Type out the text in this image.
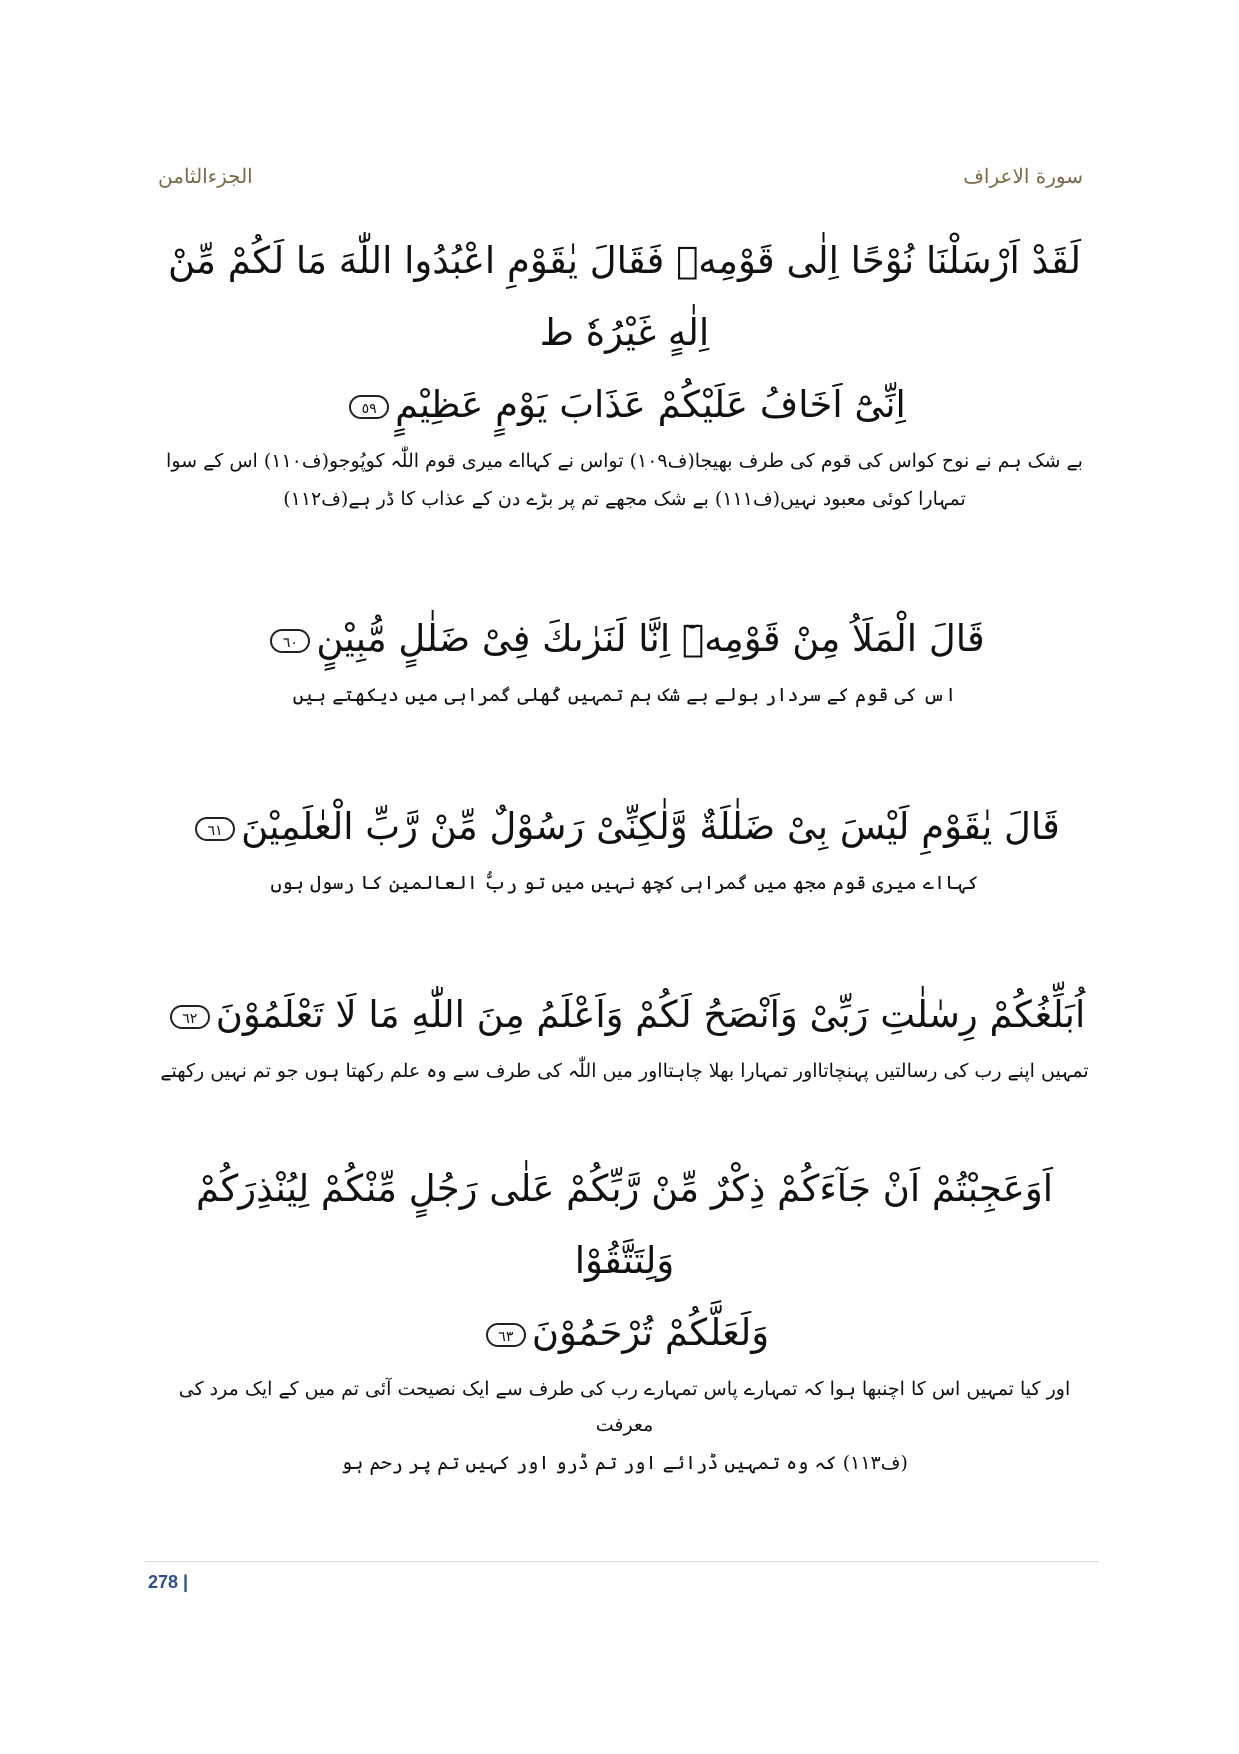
الجزءالثامن	سورة الاعراف
لَقَدْ اَرْسَلْنَا نُوْحًا اِلٰى قَوْمِهٖ فَقَالَ يٰقَوْمِ اعْبُدُوا اللّٰهَ مَا لَكُمْ مِّنْ اِلٰهٍ غَيْرُهٗ ط
اِنِّیْٓ اَخَافُ عَلَيْكُمْ عَذَابَ يَوْمٍ عَظِيْمٍ٥٩
بے شک ہم نے نوح کواس کی قوم کی طرف بھیجا(ف۱۰۹) تواس نے کہااے میری قوم اللّٰہ کوپُوجو(ف۱۱۰) اس کے سوا
تمہارا کوئی معبود نہیں(ف۱۱۱) بے شک مجھے تم پر بڑے دن کے عذاب کا ڈر ہے(ف۱۱۲)
قَالَ الْمَلَاُ مِنْ قَوْمِهٖٓ اِنَّا لَنَرٰىكَ فِیْ ضَلٰلٍ مُّبِیْنٍ٦٠
اس کی قوم کے سردار بولے بے شک ہم تمہیں کُھلی گمراہی میں دیکھتے ہیں
قَالَ يٰقَوْمِ لَيْسَ بِیْ ضَلٰلَةٌ وَّلٰكِنِّیْ رَسُوْلٌ مِّنْ رَّبِّ الْعٰلَمِيْنَ٦١
کہااے میری قوم مجھ میں گمراہی کچھ نہیں میں تو ربُّ العالمین کا رسول ہوں
اُبَلِّغُكُمْ رِسٰلٰتِ رَبِّیْ وَاَنْصَحُ لَكُمْ وَاَعْلَمُ مِنَ اللّٰهِ مَا لَا تَعْلَمُوْنَ٦٢
تمہیں اپنے رب کی رسالتیں پہنچاتااور تمہارا بھلا چاہتااور میں اللّٰہ کی طرف سے وہ علم رکھتا ہوں جو تم نہیں رکھتے
اَوَعَجِبْتُمْ اَنْ جَآءَكُمْ ذِكْرٌ مِّنْ رَّبِّكُمْ عَلٰى رَجُلٍ مِّنْكُمْ لِيُنْذِرَكُمْ وَلِتَتَّقُوْا
وَلَعَلَّكُمْ تُرْحَمُوْنَ٦٣
اور کیا تمہیں اس کا اچنبھا ہوا کہ تمہارے پاس تمہارے رب کی طرف سے ایک نصیحت آئی تم میں کے ایک مرد کی معرفت
(ف۱۱۳) کہ وہ تمہیں ڈرائے اور تم ڈرو اور کہیں تم پر رحم ہو
278 |
